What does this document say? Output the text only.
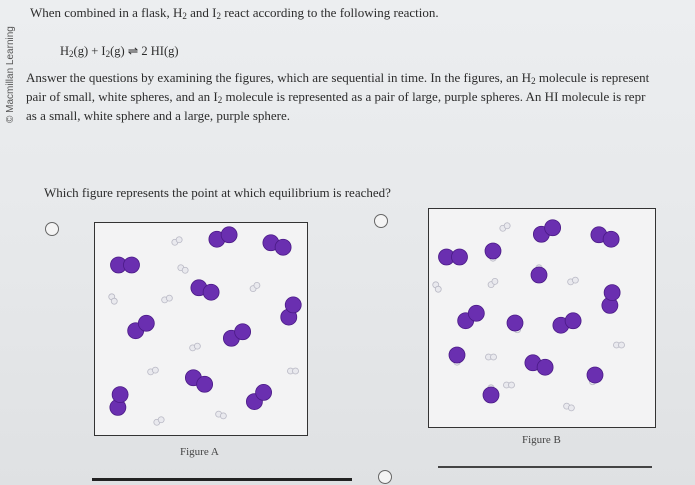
© Macmillan Learning
When combined in a flask, $H_2$ and $I_2$ react according to the following reaction.
$H_2(g) + I_2(g)$ ⇌ 2 HI(g)
Answer the questions by examining the figures, which are sequential in time. In the figures, an $H_2$ molecule is represent
pair of small, white spheres, and an $I_2$ molecule is represented as a pair of large, purple spheres. An HI molecule is repr
as a small, white sphere and a large, purple sphere.
Which figure represents the point at which equilibrium is reached?
Figure A
Figure B
